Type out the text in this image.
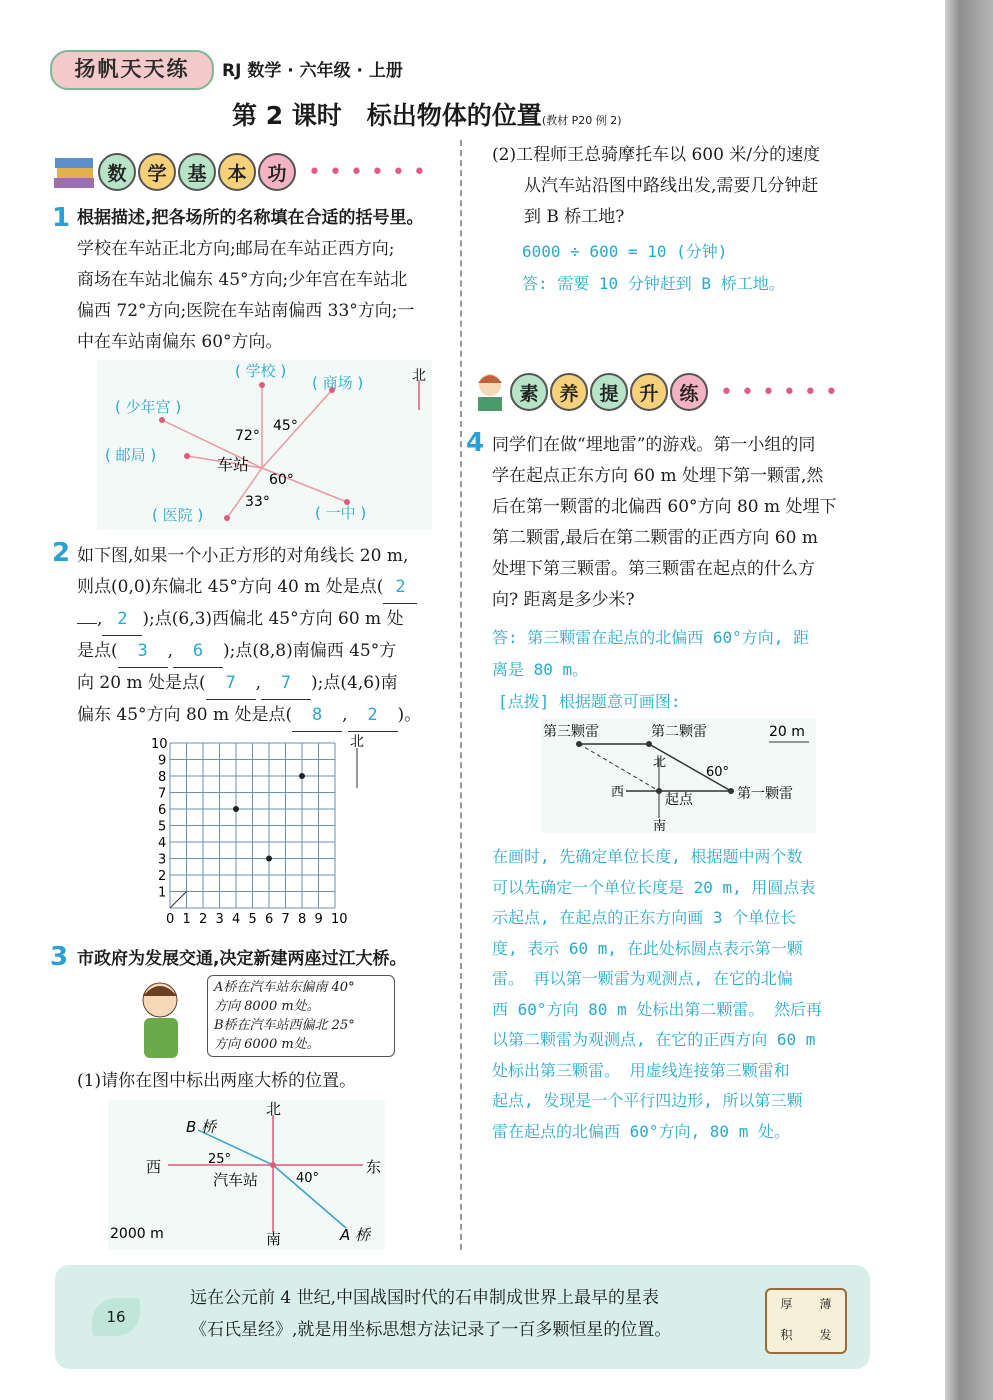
扬帆天天练	RJ 数学 · 六年级 · 上册
第 2 课时　标出物体的位置(教材 P20 例 2)
数	学	基	本	功 ••••••
1 根据描述,把各场所的名称填在合适的括号里。
学校在车站正北方向;邮局在车站正西方向;
商场在车站北偏东 45°方向;少年宫在车站北
偏西 72°方向;医院在车站南偏西 33°方向;一
中在车站南偏东 60°方向。
北
( 学校 )
( 商场 )
( 少年宫 )
( 邮局 )
( 医院 )	( 一中 )
车站
72°
45°
60°
33°
2 如下图,如果一个小正方形的对角线长 20 m,
则点(0,0)东偏北 45°方向 40 m 处是点( 2
, 2 );点(6,3)西偏北 45°方向 60 m 处
是点( 3 , 6 );点(8,8)南偏西 45°方
向 20 m 处是点( 7 , 7 );点(4,6)南
偏东 45°方向 80 m 处是点( 8 , 2 )。
北
0 1
1
2
2
3
3
4
4
5
5
6
6
7
7
8
8
9
9
10
10
3 市政府为发展交通,决定新建两座过江大桥。
A桥在汽车站东偏南 40°
方向 8000 m处。
B桥在汽车站西偏北 25°
方向 6000 m处。
(1)请你在图中标出两座大桥的位置。
北
南
西	东
汽车站
B 桥
A 桥
25°
40°
2000 m
(2)工程师王总骑摩托车以 600 米/分的速度
从汽车站沿图中路线出发,需要几分钟赶
到 B 桥工地?
6000 ÷ 600 = 10 (分钟)
答: 需要 10 分钟赶到 B 桥工地。
素	养	提	升	练 ••••••
4 同学们在做“埋地雷”的游戏。第一小组的同
学在起点正东方向 60 m 处埋下第一颗雷,然
后在第一颗雷的北偏西 60°方向 80 m 处埋下
第二颗雷,最后在第二颗雷的正西方向 60 m
处埋下第三颗雷。第三颗雷在起点的什么方
向? 距离是多少米?
答: 第三颗雷在起点的北偏西 60°方向, 距
离是 80 m。
[点拨] 根据题意可画图:
第三颗雷	第二颗雷
第一颗雷
起点
北
南
西
60°
20 m
在画时, 先确定单位长度, 根据题中两个数
可以先确定一个单位长度是 20 m, 用圆点表
示起点, 在起点的正东方向画 3 个单位长
度, 表示 60 m, 在此处标圆点表示第一颗
雷。 再以第一颗雷为观测点, 在它的北偏
西 60°方向 80 m 处标出第二颗雷。 然后再
以第二颗雷为观测点, 在它的正西方向 60 m
处标出第三颗雷。 用虚线连接第三颗雷和
起点, 发现是一个平行四边形, 所以第三颗
雷在起点的北偏西 60°方向, 80 m 处。
16
远在公元前 4 世纪,中国战国时代的石申制成世界上最早的星表
《石氏星经》,就是用坐标思想方法记录了一百多颗恒星的位置。
厚	薄
积	发
